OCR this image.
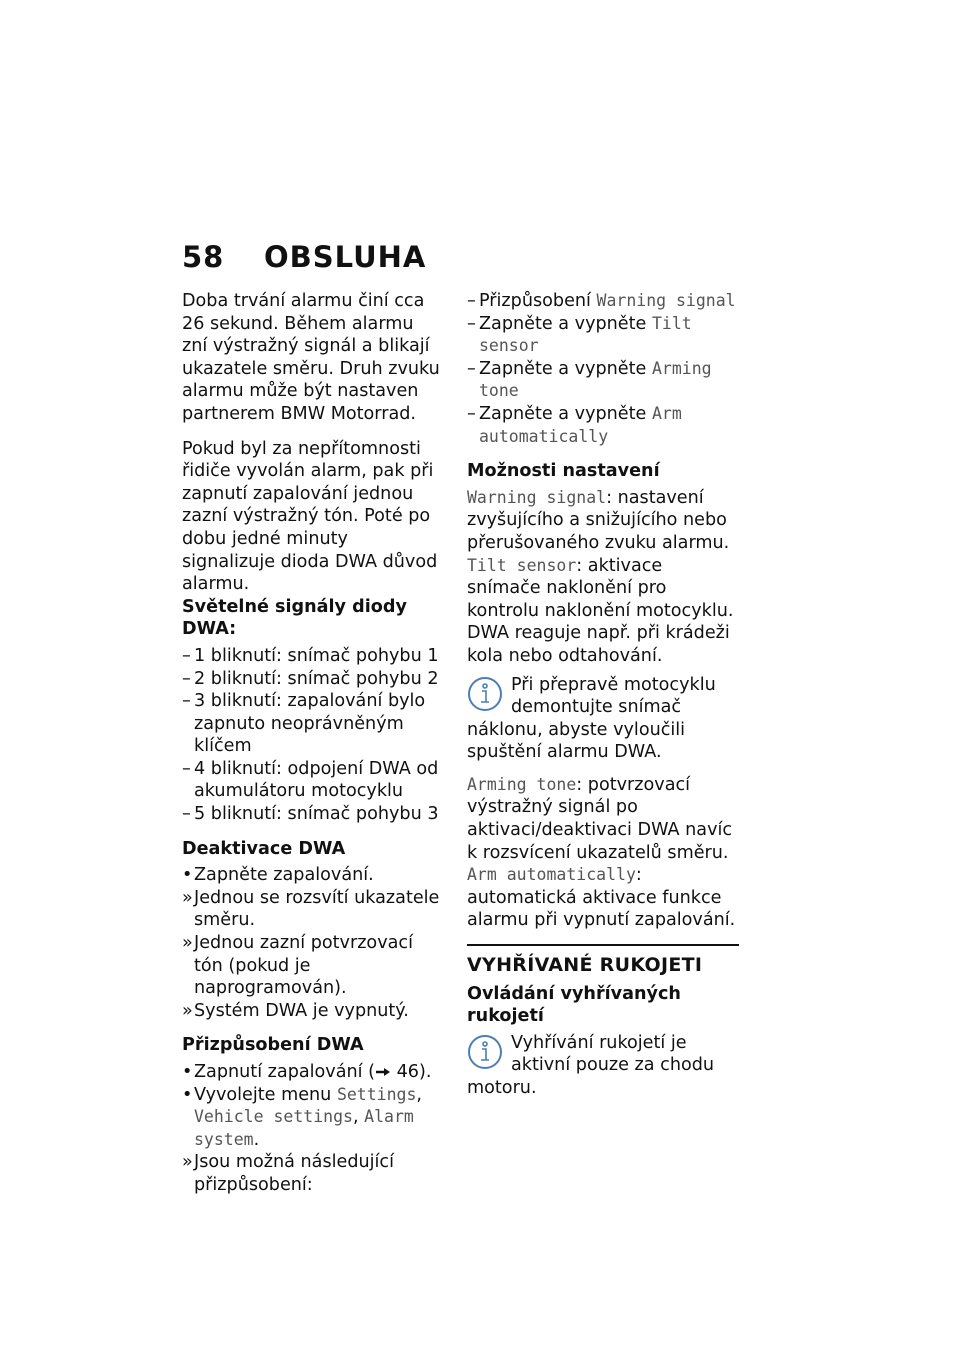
58 OBSLUHA

Doba trvání alarmu činí cca 26 sekund. Během alarmu zní výstražný signál a blikají ukazatele směru. Druh zvuku alarmu může být nastaven partnerem BMW Motorrad.

Pokud byl za nepřítomnosti řidiče vyvolán alarm, pak při zapnutí zapalování jednou zazní výstražný tón. Poté po dobu jedné minuty signalizuje dioda DWA důvod alarmu.

Světelné signály diody DWA:
– 1 bliknutí: snímač pohybu 1
– 2 bliknutí: snímač pohybu 2
– 3 bliknutí: zapalování bylo zapnuto neoprávněným klíčem
– 4 bliknutí: odpojení DWA od akumulátoru motocyklu
– 5 bliknutí: snímač pohybu 3
Deaktivace DWA
• Zapněte zapalování.
» Jednou se rozsvítí ukazatele směru.
» Jednou zazní potvrzovací tón (pokud je naprogramován).
» Systém DWA je vypnutý.
Přizpůsobení DWA
• Zapnutí zapalování ( 46).
• Vyvolejte menu Settings, Vehicle settings, Alarm system.
» Jsou možná následující přizpůsobení:
– Přizpůsobení Warning signal
– Zapněte a vypněte Tilt sensor
– Zapněte a vypněte Arming tone
– Zapněte a vypněte Arm automatically
Možnosti nastavení

Warning signal: nastavení zvyšujícího a snižujícího nebo přerušovaného zvuku alarmu.

Tilt sensor: aktivace snímače naklonění pro kontrolu naklonění motocyklu. DWA reaguje např. při krádeži kola nebo odtahování.

Při přepravě motocyklu demontujte snímač náklonu, abyste vyloučili spuštění alarmu DWA.

Arming tone: potvrzovací výstražný signál po aktivaci/deaktivaci DWA navíc k rozsvícení ukazatelů směru.

Arm automatically: automatická aktivace funkce alarmu při vypnutí zapalování.

VYHŘÍVANÉ RUKOJETI
Ovládání vyhřívaných rukojetí
Vyhřívání rukojetí je aktivní pouze za chodu motoru.
